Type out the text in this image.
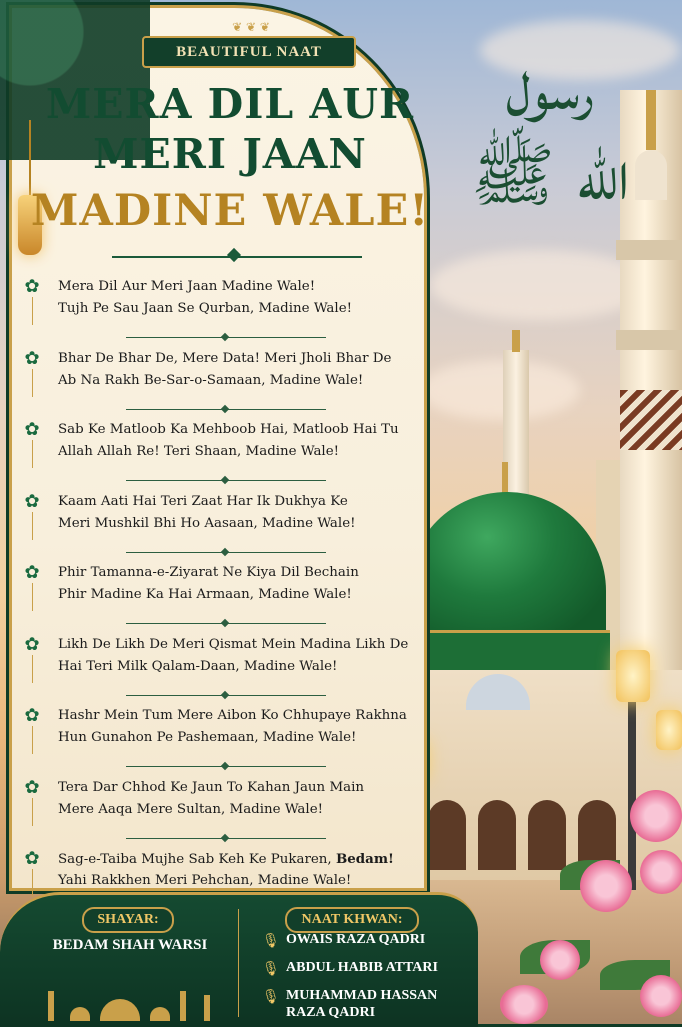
رسول الله ﷺ
❦ ❦ ❦
BEAUTIFUL NAAT
MERA DIL AUR
MERI JAAN
MADINE WALE!
✿ Mera Dil Aur Meri Jaan Madine Wale!
Tujh Pe Sau Jaan Se Qurban, Madine Wale!
✿ Bhar De Bhar De, Mere Data! Meri Jholi Bhar De
Ab Na Rakh Be-Sar-o-Samaan, Madine Wale!
✿ Sab Ke Matloob Ka Mehboob Hai, Matloob Hai Tu
Allah Allah Re! Teri Shaan, Madine Wale!
✿ Kaam Aati Hai Teri Zaat Har Ik Dukhya Ke
Meri Mushkil Bhi Ho Aasaan, Madine Wale!
✿ Phir Tamanna-e-Ziyarat Ne Kiya Dil Bechain
Phir Madine Ka Hai Armaan, Madine Wale!
✿ Likh De Likh De Meri Qismat Mein Madina Likh De
Hai Teri Milk Qalam-Daan, Madine Wale!
✿ Hashr Mein Tum Mere Aibon Ko Chhupaye Rakhna
Hun Gunahon Pe Pashemaan, Madine Wale!
✿ Tera Dar Chhod Ke Jaun To Kahan Jaun Main
Mere Aaqa Mere Sultan, Madine Wale!
✿ Sag-e-Taiba Mujhe Sab Keh Ke Pukaren, Bedam!
Yahi Rakkhen Meri Pehchan, Madine Wale!
SHAYAR:
BEDAM SHAH WARSI
NAAT KHWAN:
🎙 OWAIS RAZA QADRI
🎙 ABDUL HABIB ATTARI
🎙 MUHAMMAD HASSAN RAZA QADRI
